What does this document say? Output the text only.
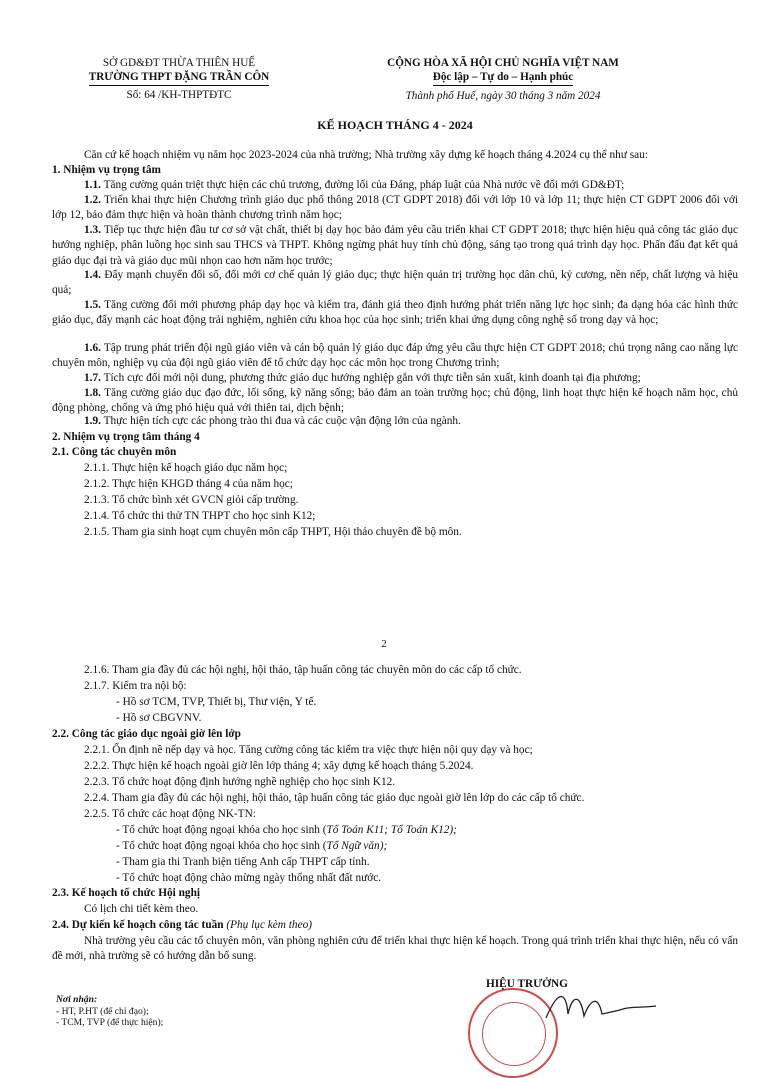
SỞ GD&ĐT THỪA THIÊN HUẾ
TRƯỜNG THPT ĐẶNG TRẦN CÔN
Số: 64 /KH-THPTĐTC
CỘNG HÒA XÃ HỘI CHỦ NGHĨA VIỆT NAM
Độc lập – Tự do – Hạnh phúc
Thành phố Huế, ngày 30 tháng 3 năm 2024
KẾ HOẠCH THÁNG 4 - 2024
Căn cứ kế hoạch nhiệm vụ năm học 2023-2024 của nhà trường; Nhà trường xây dựng kế hoạch tháng 4.2024 cụ thể như sau:
1. Nhiệm vụ trọng tâm
1.1. Tăng cường quán triệt thực hiện các chủ trương, đường lối của Đảng, pháp luật của Nhà nước về đổi mới GD&ĐT;
1.2. Triển khai thực hiện Chương trình giáo dục phổ thông 2018 (CT GDPT 2018) đối với lớp 10 và lớp 11; thực hiện CT GDPT 2006 đối với lớp 12, bảo đảm thực hiện và hoàn thành chương trình năm học;
1.3. Tiếp tục thực hiện đầu tư cơ sở vật chất, thiết bị dạy học bảo đảm yêu cầu triển khai CT GDPT 2018; thực hiện hiệu quả công tác giáo dục hướng nghiệp, phân luồng học sinh sau THCS và THPT. Không ngừng phát huy tính chủ động, sáng tạo trong quá trình dạy học. Phấn đấu đạt kết quả giáo dục đại trà và giáo dục mũi nhọn cao hơn năm học trước;
1.4. Đẩy mạnh chuyển đổi số, đổi mới cơ chế quản lý giáo dục; thực hiện quản trị trường học dân chủ, kỷ cương, nền nếp, chất lượng và hiệu quả;
1.5. Tăng cường đổi mới phương pháp dạy học và kiểm tra, đánh giá theo định hướng phát triển năng lực học sinh; đa dạng hóa các hình thức giáo dục, đẩy mạnh các hoạt động trải nghiệm, nghiên cứu khoa học của học sinh; triển khai ứng dụng công nghệ số trong dạy và học;
1.6. Tập trung phát triển đội ngũ giáo viên và cán bộ quản lý giáo dục đáp ứng yêu cầu thực hiện CT GDPT 2018; chú trọng nâng cao năng lực chuyên môn, nghiệp vụ của đội ngũ giáo viên để tổ chức dạy học các môn học trong Chương trình;
1.7. Tích cực đổi mới nội dung, phương thức giáo dục hướng nghiệp gắn với thực tiễn sản xuất, kinh doanh tại địa phương;
1.8. Tăng cường giáo dục đạo đức, lối sống, kỹ năng sống; bảo đảm an toàn trường học; chủ động, linh hoạt thực hiện kế hoạch năm học, chủ động phòng, chống và ứng phó hiệu quả với thiên tai, dịch bệnh;
1.9. Thực hiện tích cực các phong trào thi đua và các cuộc vận động lớn của ngành.
2. Nhiệm vụ trọng tâm tháng 4
2.1. Công tác chuyên môn
2.1.1. Thực hiện kế hoạch giáo dục năm học;
2.1.2. Thực hiện KHGD tháng 4 của năm học;
2.1.3. Tổ chức bình xét GVCN giỏi cấp trường.
2.1.4. Tổ chức thi thử TN THPT cho học sinh K12;
2.1.5. Tham gia sinh hoạt cụm chuyên môn cấp THPT, Hội thảo chuyên đề bộ môn.
2
2.1.6. Tham gia đầy đủ các hội nghị, hội thảo, tập huấn công tác chuyên môn do các cấp tổ chức.
2.1.7. Kiểm tra nội bộ:
- Hồ sơ TCM, TVP, Thiết bị, Thư viện, Y tế.
- Hồ sơ CBGVNV.
2.2. Công tác giáo dục ngoài giờ lên lớp
2.2.1. Ổn định nề nếp dạy và học. Tăng cường công tác kiểm tra việc thực hiện nội quy dạy và học;
2.2.2. Thực hiện kế hoạch ngoài giờ lên lớp tháng 4; xây dựng kế hoạch tháng 5.2024.
2.2.3. Tổ chức hoạt động định hướng nghề nghiệp cho học sinh K12.
2.2.4. Tham gia đầy đủ các hội nghị, hội thảo, tập huấn công tác giáo dục ngoài giờ lên lớp do các cấp tổ chức.
2.2.5. Tổ chức các hoạt động NK-TN:
- Tổ chức hoạt động ngoại khóa cho học sinh (Tổ Toán K11; Tổ Toán K12);
- Tổ chức hoạt động ngoại khóa cho học sinh (Tổ Ngữ văn);
- Tham gia thi Tranh biện tiếng Anh cấp THPT cấp tỉnh.
- Tổ chức hoạt động chào mừng ngày thống nhất đất nước.
2.3. Kế hoạch tổ chức Hội nghị
Có lịch chi tiết kèm theo.
2.4. Dự kiến kế hoạch công tác tuần (Phụ lục kèm theo)
Nhà trường yêu cầu các tổ chuyên môn, văn phòng nghiên cứu để triển khai thực hiện kế hoạch. Trong quá trình triển khai thực hiện, nếu có vấn đề mới, nhà trường sẽ có hướng dẫn bổ sung.
HIỆU TRƯỞNG
Nơi nhận:
- HT, P.HT (để chỉ đạo);
- TCM, TVP (để thực hiện);
